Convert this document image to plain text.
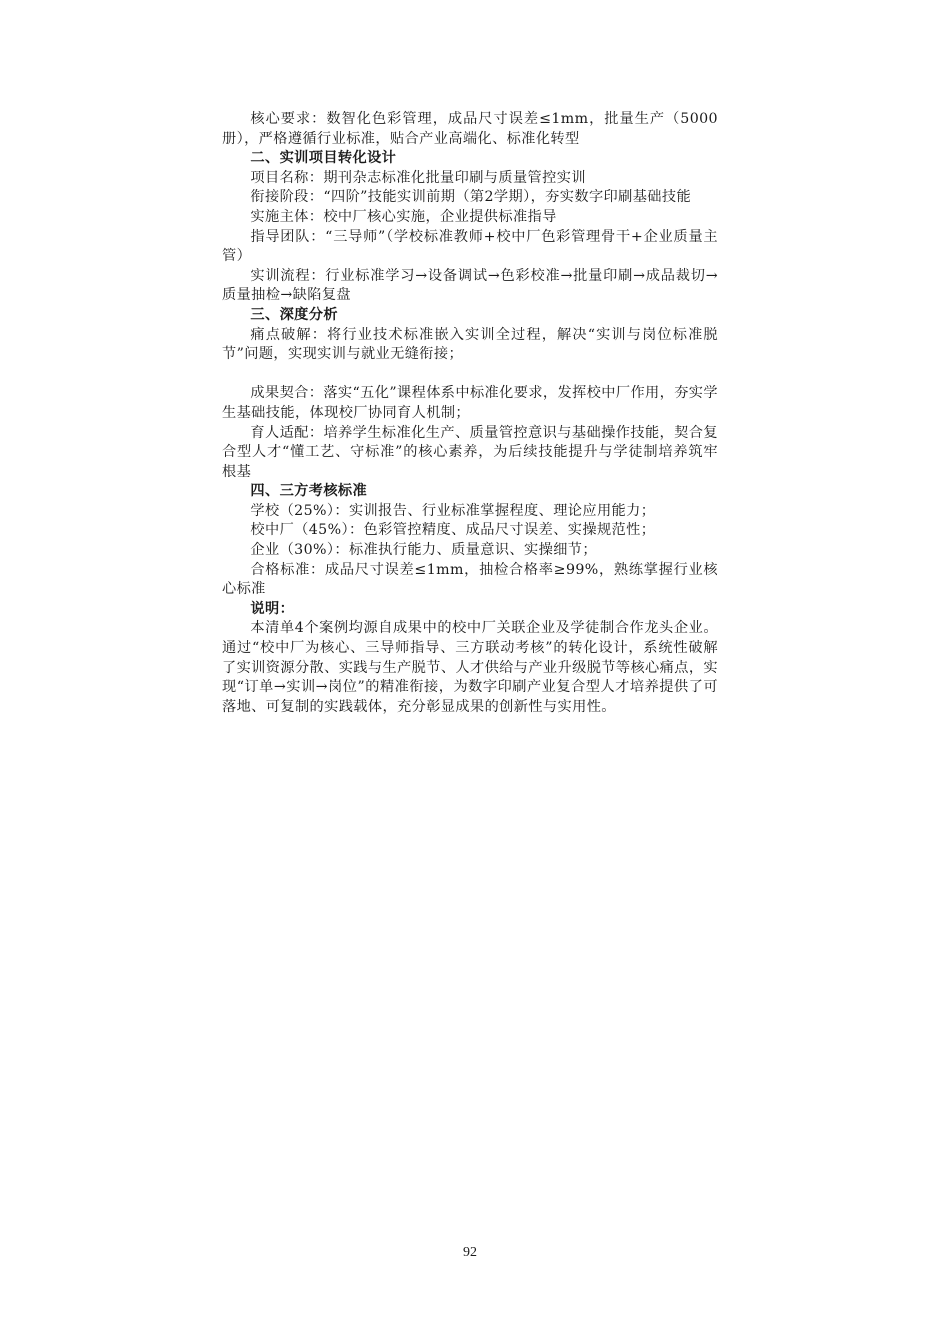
核心要求：数智化色彩管理，成品尺寸误差≤1mm，批量生产（5000册），严格遵循行业标准，贴合产业高端化、标准化转型

二、实训项目转化设计

项目名称：期刊杂志标准化批量印刷与质量管控实训

衔接阶段：“四阶”技能实训前期（第2学期），夯实数字印刷基础技能

实施主体：校中厂核心实施，企业提供标准指导

指导团队：“三导师”（学校标准教师+校中厂色彩管理骨干+企业质量主管）

实训流程：行业标准学习→设备调试→色彩校准→批量印刷→成品裁切→质量抽检→缺陷复盘

三、深度分析

痛点破解：将行业技术标准嵌入实训全过程，解决“实训与岗位标准脱节”问题，实现实训与就业无缝衔接；

成果契合：落实“五化”课程体系中标准化要求，发挥校中厂作用，夯实学生基础技能，体现校厂协同育人机制；

育人适配：培养学生标准化生产、质量管控意识与基础操作技能，契合复合型人才“懂工艺、守标准”的核心素养，为后续技能提升与学徒制培养筑牢根基

四、三方考核标准

学校（25%）：实训报告、行业标准掌握程度、理论应用能力；

校中厂（45%）：色彩管控精度、成品尺寸误差、实操规范性；

企业（30%）：标准执行能力、质量意识、实操细节；

合格标准：成品尺寸误差≤1mm，抽检合格率≥99%，熟练掌握行业核心标准

说明：

本清单4个案例均源自成果中的校中厂关联企业及学徒制合作龙头企业。通过“校中厂为核心、三导师指导、三方联动考核”的转化设计，系统性破解了实训资源分散、实践与生产脱节、人才供给与产业升级脱节等核心痛点，实现“订单→实训→岗位”的精准衔接，为数字印刷产业复合型人才培养提供了可落地、可复制的实践载体，充分彰显成果的创新性与实用性。

92
